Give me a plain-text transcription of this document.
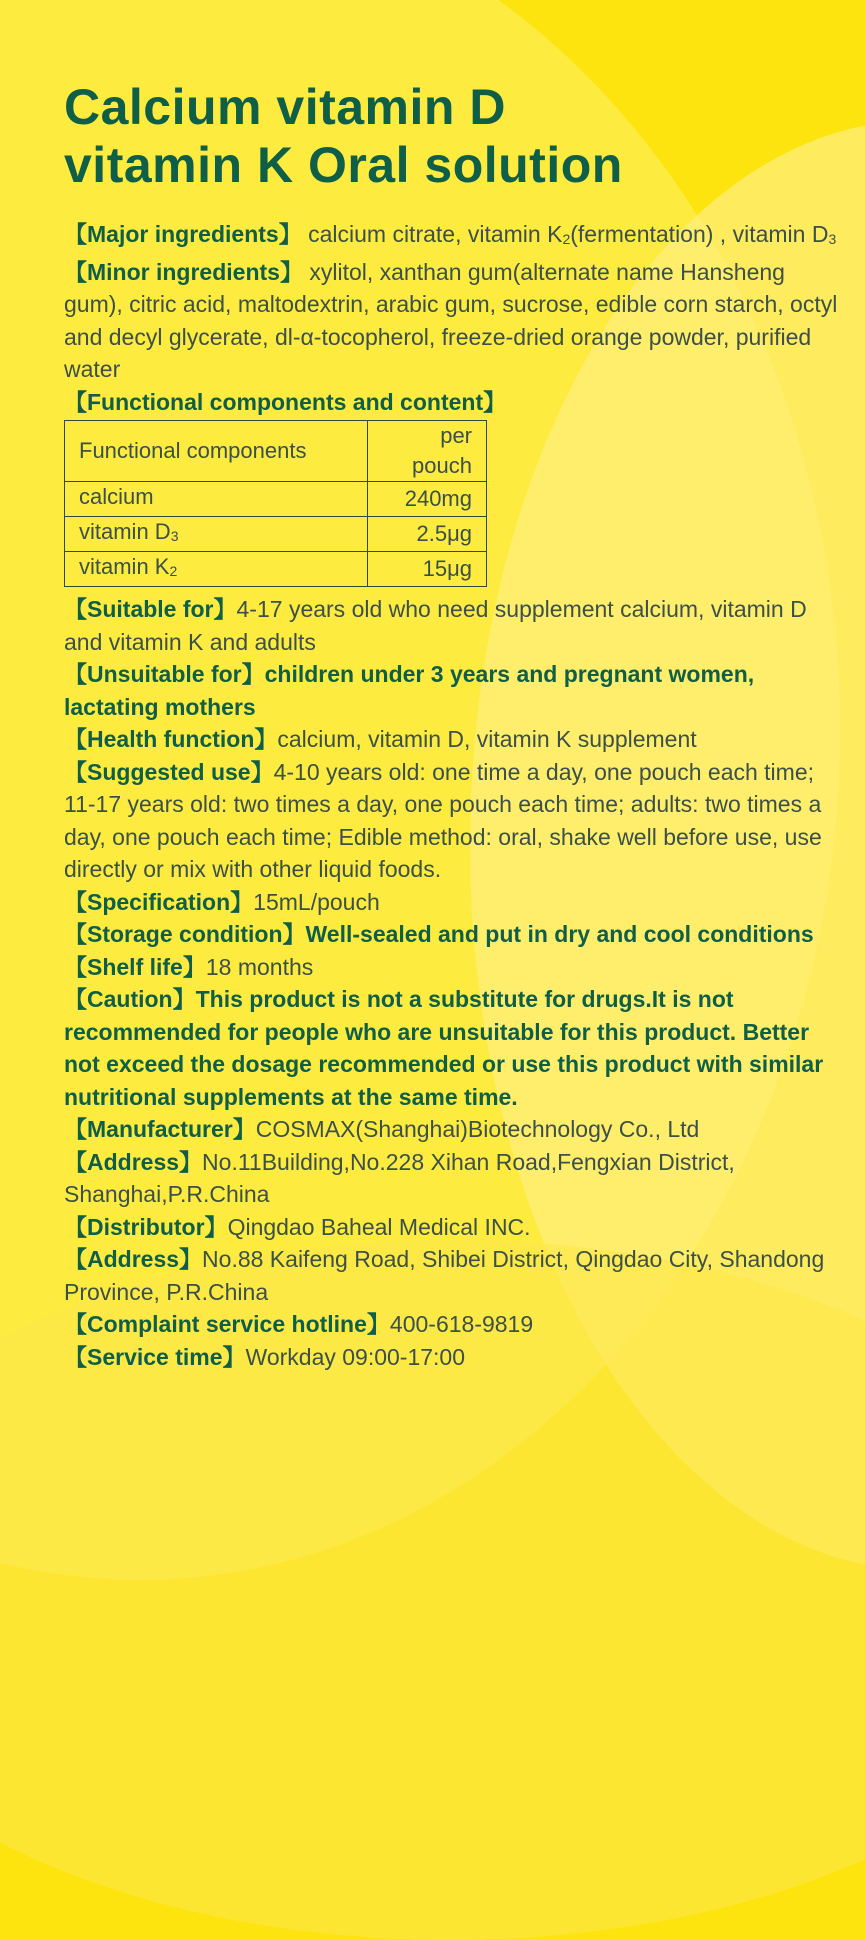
Calcium vitamin D
vitamin K Oral solution

【Major ingredients】 calcium citrate, vitamin $K_2(fermentation)$ , vitamin $D_3$

【Minor ingredients】 xylitol, xanthan gum(alternate name Hansheng gum), citric acid, maltodextrin, arabic gum, sucrose, edible corn starch, octyl and decyl glycerate, dl-α-tocopherol, freeze-dried orange powder, purified water

【Functional components and content】

Functional components	per pouch
calcium	240mg
vitamin $D_3$	2.5μg
vitamin $K_2$	15μg

【Suitable for】4-17 years old who need supplement calcium, vitamin D and vitamin K and adults

【Unsuitable for】children under 3 years and pregnant women, lactating mothers

【Health function】calcium, vitamin D, vitamin K supplement

【Suggested use】4-10 years old: one time a day, one pouch each time; 11-17 years old: two times a day, one pouch each time; adults: two times a day, one pouch each time; Edible method: oral, shake well before use, use directly or mix with other liquid foods.

【Specification】15mL/pouch

【Storage condition】Well-sealed and put in dry and cool conditions

【Shelf life】18 months

【Caution】This product is not a substitute for drugs.It is not recommended for people who are unsuitable for this product. Better not exceed the dosage recommended or use this product with similar nutritional supplements at the same time.

【Manufacturer】COSMAX(Shanghai)Biotechnology Co., Ltd

【Address】No.11Building,No.228 Xihan Road,Fengxian District, Shanghai,P.R.China

【Distributor】Qingdao Baheal Medical INC.

【Address】No.88 Kaifeng Road, Shibei District, Qingdao City, Shandong Province, P.R.China

【Complaint service hotline】400-618-9819

【Service time】Workday 09:00-17:00
